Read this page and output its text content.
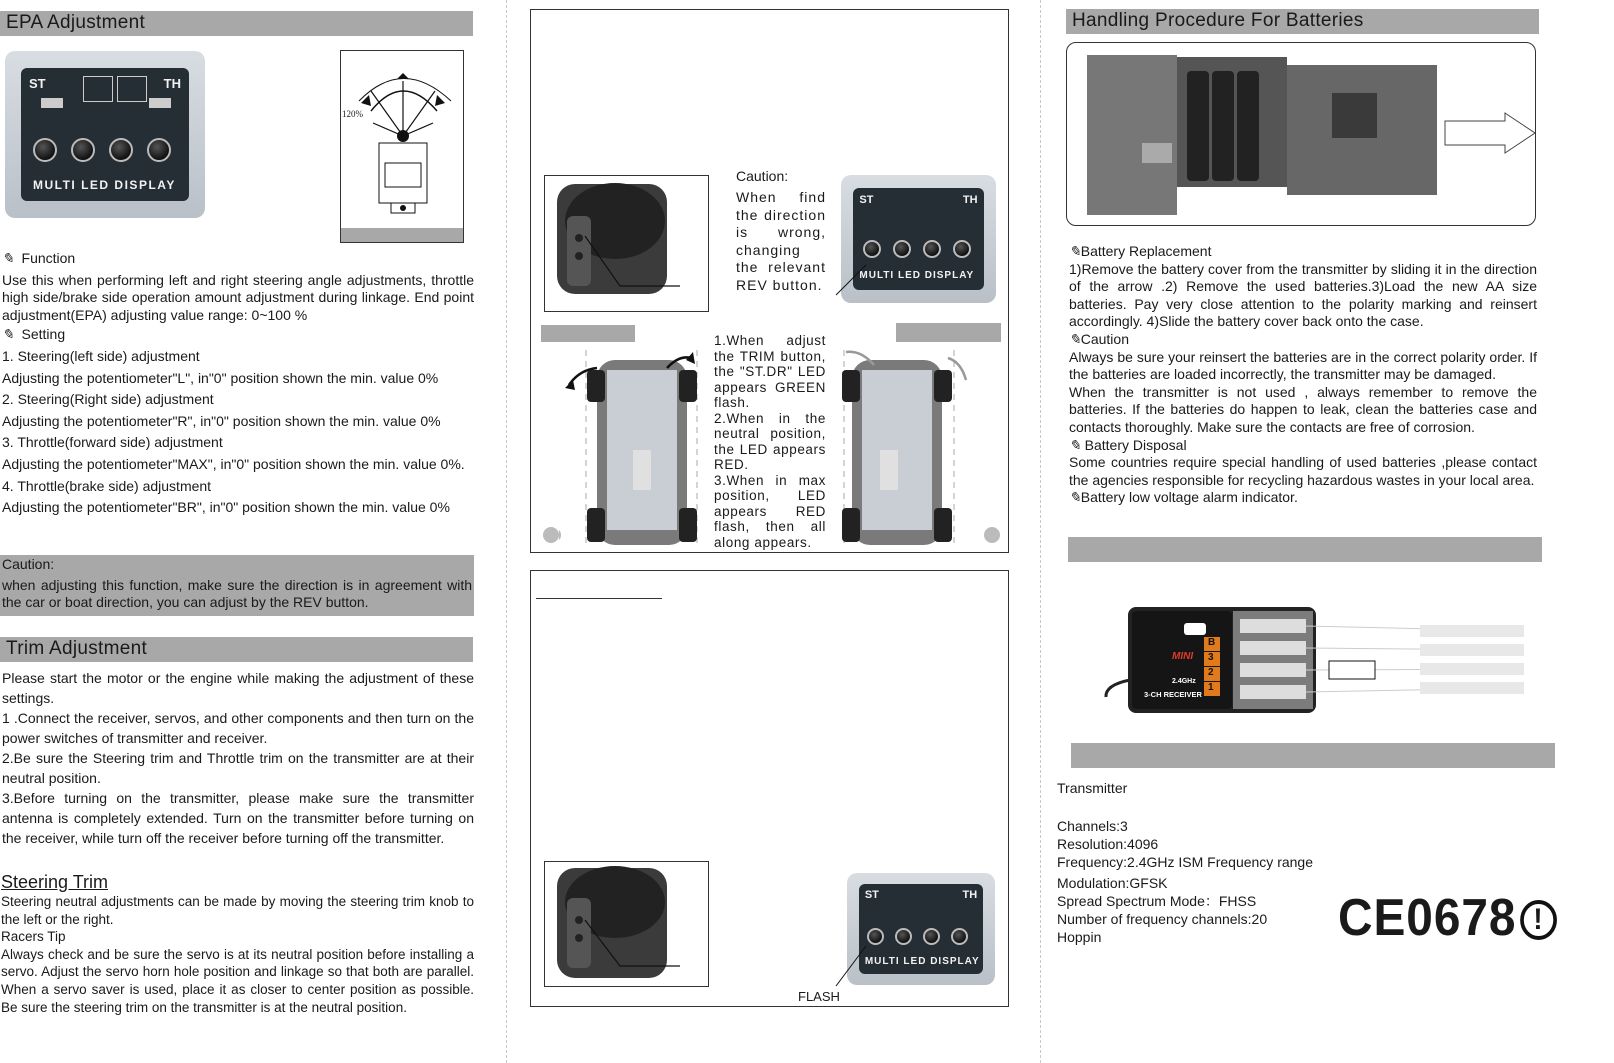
EPA Adjustment
ST	TH
MULTI LED DISPLAY
120%
✎ Function
Use this when performing left and right steering angle adjustments, throttle high side/brake side operation amount adjustment during linkage. End point adjustment(EPA) adjusting value range: 0~100 %
✎ Setting
1. Steering(left side) adjustment
Adjusting the potentiometer"L", in"0" position shown the min. value 0%
2. Steering(Right side) adjustment
Adjusting the potentiometer"R", in"0" position shown the min. value 0%
3. Throttle(forward side) adjustment
Adjusting the potentiometer"MAX", in"0" position shown the min. value 0%.
4. Throttle(brake side) adjustment
Adjusting the potentiometer"BR", in"0" position shown the min. value 0%
Caution:
when adjusting this function, make sure the direction is in agreement with the car or boat direction, you can adjust by the REV button.
Trim Adjustment
Please start the motor or the engine while making the adjustment of these settings.
1 .Connect the receiver, servos, and other components and then turn on the power switches of transmitter and receiver.
2.Be sure the Steering trim and Throttle trim on the transmitter are at their neutral position.
3.Before turning on the transmitter, please make sure the transmitter antenna is completely extended. Turn on the transmitter before turning on the receiver, while turn off the receiver before turning off the transmitter.
Steering Trim
Steering neutral adjustments can be made by moving the steering trim knob to the left or the right.
Racers Tip
Always check and be sure the servo is at its neutral position before installing a servo. Adjust the servo horn hole position and linkage so that both are parallel. When a servo saver is used, place it as closer to center position as possible. Be sure the steering trim on the transmitter is at the neutral position.
Caution:
When find the direction is wrong, changing the relevant REV button.
ST	TH
MULTI LED DISPLAY
1.When adjust the TRIM button, the "ST.DR" LED appears GREEN flash.
2.When in the neutral position, the LED appears RED.
3.When in max position, LED appears RED flash, then all along appears.
ST	TH
MULTI LED DISPLAY
FLASH
Handling Procedure For Batteries
✎Battery Replacement
1)Remove the battery cover from the transmitter by sliding it in the direction of the arrow .2) Remove the used batteries.3)Load the new AA size batteries. Pay very close attention to the polarity marking and reinsert accordingly. 4)Slide the battery cover back onto the case.
✎Caution
Always be sure your reinsert the batteries are in the correct polarity order. If the batteries are loaded incorrectly, the transmitter may be damaged.
When the transmitter is not used , always remember to remove the batteries. If the batteries do happen to leak, clean the batteries case and contacts thoroughly. Make sure the contacts are free of corrosion.
✎ Battery Disposal
Some countries require special handling of used batteries ,please contact the agencies responsible for recycling hazardous wastes in your local area.
✎Battery low voltage alarm indicator.
MINI
2.4GHz
3-CH RECEIVER
B
3
2
1
Transmitter
Channels:3
Resolution:4096
Frequency:2.4GHz ISM Frequency range
Modulation:GFSK
Spread Spectrum Mode：FHSS
Number of frequency channels:20
Hoppin	CE0678 !
